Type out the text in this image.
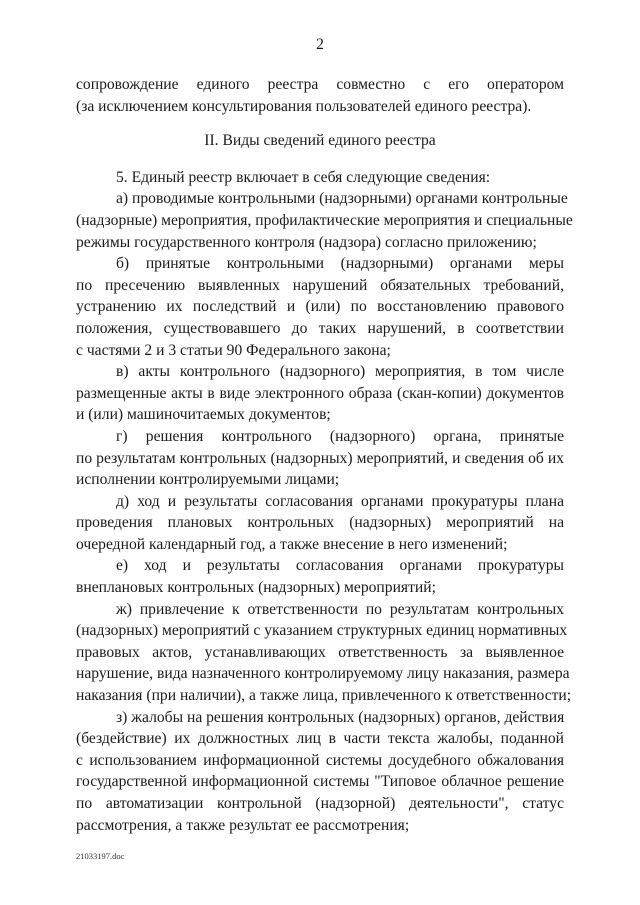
2
сопровождение единого реестра совместно с его оператором
(за исключением консультирования пользователей единого реестра).
II. Виды сведений единого реестра
5. Единый реестр включает в себя следующие сведения:
а) проводимые контрольными (надзорными) органами контрольные
(надзорные) мероприятия, профилактические мероприятия и специальные
режимы государственного контроля (надзора) согласно приложению;
б) принятые контрольными (надзорными) органами меры
по пресечению выявленных нарушений обязательных требований,
устранению их последствий и (или) по восстановлению правового
положения, существовавшего до таких нарушений, в соответствии
с частями 2 и 3 статьи 90 Федерального закона;
в) акты контрольного (надзорного) мероприятия, в том числе
размещенные акты в виде электронного образа (скан-копии) документов
и (или) машиночитаемых документов;
г) решения контрольного (надзорного) органа, принятые
по результатам контрольных (надзорных) мероприятий, и сведения об их
исполнении контролируемыми лицами;
д) ход и результаты согласования органами прокуратуры плана
проведения плановых контрольных (надзорных) мероприятий на
очередной календарный год, а также внесение в него изменений;
е) ход и результаты согласования органами прокуратуры
внеплановых контрольных (надзорных) мероприятий;
ж) привлечение к ответственности по результатам контрольных
(надзорных) мероприятий с указанием структурных единиц нормативных
правовых актов, устанавливающих ответственность за выявленное
нарушение, вида назначенного контролируемому лицу наказания, размера
наказания (при наличии), а также лица, привлеченного к ответственности;
з) жалобы на решения контрольных (надзорных) органов, действия
(бездействие) их должностных лиц в части текста жалобы, поданной
с использованием информационной системы досудебного обжалования
государственной информационной системы "Типовое облачное решение
по автоматизации контрольной (надзорной) деятельности", статус
рассмотрения, а также результат ее рассмотрения;
21033197.doc
